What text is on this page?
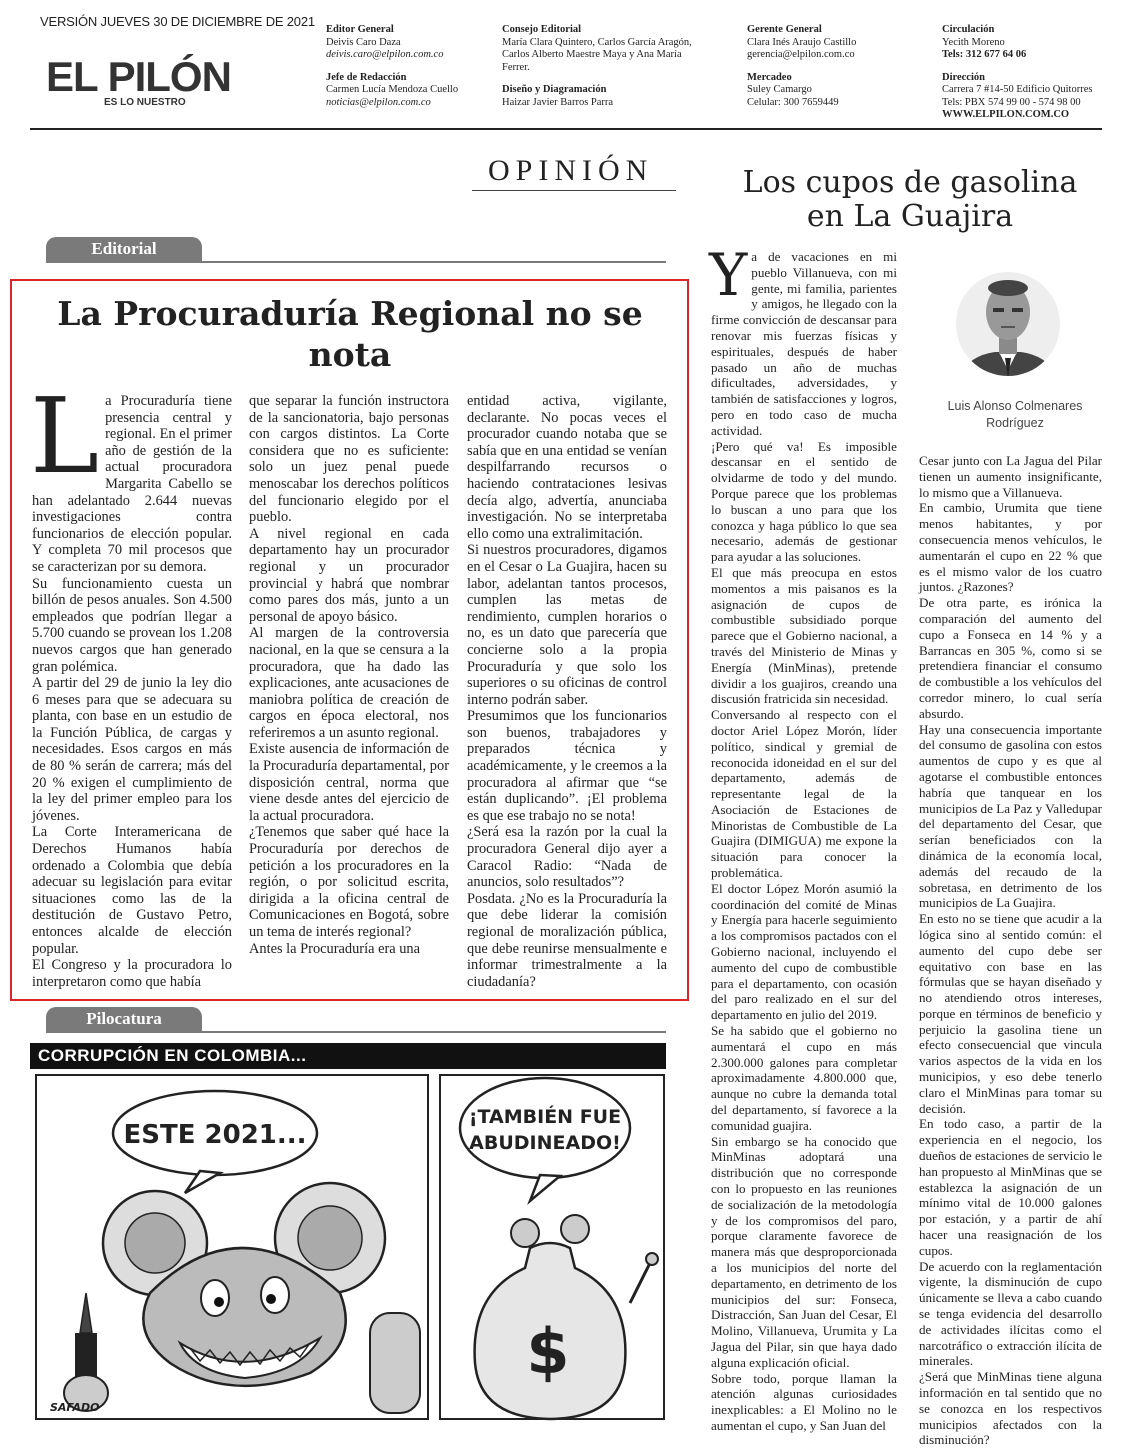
VERSIÓN JUEVES 30 DE DICIEMBRE DE 2021
EL PILÓN
ES LO NUESTRO
Editor General
Deivis Caro Daza
deivis.caro@elpilon.com.co
Jefe de Redacción
Carmen Lucía Mendoza Cuello
noticias@elpilon.com.co
Consejo Editorial
María Clara Quintero, Carlos García Aragón,
Carlos Alberto Maestre Maya y Ana María
Ferrer.
Diseño y Diagramación
Haizar Javier Barros Parra
Gerente General
Clara Inés Araujo Castillo
gerencia@elpilon.com.co
Mercadeo
Suley Camargo
Celular: 300 7659449
Circulación
Yecith Moreno
Tels: 312 677 64 06
Dirección
Carrera 7 #14-50 Edificio Quitorres
Tels: PBX 574 99 00 - 574 98 00
WWW.ELPILON.COM.CO
OPINIÓN
Editorial
La Procuraduría Regional no se nota
L a Procuraduría tiene presencia central y regional. En el primer año de gestión de la actual procuradora Margarita Cabello se han adelantado 2.644 nuevas investigaciones contra funcionarios de elección popular. Y completa 70 mil procesos que se caracterizan por su demora.

Su funcionamiento cuesta un billón de pesos anuales. Son 4.500 empleados que podrían llegar a 5.700 cuando se provean los 1.208 nuevos cargos que han generado gran polémica.

A partir del 29 de junio la ley dio 6 meses para que se adecuara su planta, con base en un estudio de la Función Pública, de cargas y necesidades. Esos cargos en más de 80 % serán de carrera; más del 20 % exigen el cumplimiento de la ley del primer empleo para los jóvenes.

La Corte Interamericana de Derechos Humanos había ordenado a Colombia que debía adecuar su legislación para evitar situaciones como las de la destitución de Gustavo Petro, entonces alcalde de elección popular.

El Congreso y la procuradora lo interpretaron como que había

que separar la función instructora de la sancionatoria, bajo personas con cargos distintos. La Corte considera que no es suficiente: solo un juez penal puede menoscabar los derechos políticos del funcionario elegido por el pueblo.

A nivel regional en cada departamento hay un procurador regional y un procurador provincial y habrá que nombrar como pares dos más, junto a un personal de apoyo básico.

Al margen de la controversia nacional, en la que se censura a la procuradora, que ha dado las explicaciones, ante acusaciones de maniobra política de creación de cargos en época electoral, nos referiremos a un asunto regional.

Existe ausencia de información de la Procuraduría departamental, por disposición central, norma que viene desde antes del ejercicio de la actual procuradora.

¿Tenemos que saber qué hace la Procuraduría por derechos de petición a los procuradores en la región, o por solicitud escrita, dirigida a la oficina central de Comunicaciones en Bogotá, sobre un tema de interés regional?

Antes la Procuraduría era una

entidad activa, vigilante, declarante. No pocas veces el procurador cuando notaba que se sabía que en una entidad se venían despilfarrando recursos o haciendo contrataciones lesivas decía algo, advertía, anunciaba investigación. No se interpretaba ello como una extralimitación.

Si nuestros procuradores, digamos en el Cesar o La Guajira, hacen su labor, adelantan tantos procesos, cumplen las metas de rendimiento, cumplen horarios o no, es un dato que parecería que concierne solo a la propia Procuraduría y que solo los superiores o su oficinas de control interno podrán saber.

Presumimos que los funcionarios son buenos, trabajadores y preparados técnica y académicamente, y le creemos a la procuradora al afirmar que “se están duplicando”. ¡El problema es que ese trabajo no se nota!

¿Será esa la razón por la cual la procuradora General dijo ayer a Caracol Radio: “Nada de anuncios, solo resultados”?

Posdata. ¿No es la Procuraduría la que debe liderar la comisión regional de moralización pública, que debe reunirse mensualmente e informar trimestralmente a la ciudadanía?

Pilocatura
ESTE 2021...
SAFADO
¡TAMBIÉN FUE
ABUDINEADO!
$
CORRUPCIÓN EN COLOMBIA...
Los cupos de gasolina
en La Guajira
Luis Alonso Colmenares
Rodríguez
Y a de vacaciones en mi pueblo Villanueva, con mi gente, mi familia, parientes y amigos, he llegado con la firme convicción de descansar para renovar mis fuerzas físicas y espirituales, después de haber pasado un año de muchas dificultades, adversidades, y también de satisfacciones y logros, pero en todo caso de mucha actividad.

¡Pero qué va! Es imposible descansar en el sentido de olvidarme de todo y del mundo. Porque parece que los problemas lo buscan a uno para que los conozca y haga público lo que sea necesario, además de gestionar para ayudar a las soluciones.

El que más preocupa en estos momentos a mis paisanos es la asignación de cupos de combustible subsidiado porque parece que el Gobierno nacional, a través del Ministerio de Minas y Energía (MinMinas), pretende dividir a los guajiros, creando una discusión fratricida sin necesidad.

Conversando al respecto con el doctor Ariel López Morón, líder político, sindical y gremial de reconocida idoneidad en el sur del departamento, además de representante legal de la Asociación de Estaciones de Minoristas de Combustible de La Guajira (DIMIGUA) me expone la situación para conocer la problemática.

El doctor López Morón asumió la coordinación del comité de Minas y Energía para hacerle seguimiento a los compromisos pactados con el Gobierno nacional, incluyendo el aumento del cupo de combustible para el departamento, con ocasión del paro realizado en el sur del departamento en julio del 2019.

Se ha sabido que el gobierno no aumentará el cupo en más 2.300.000 galones para completar aproximadamente 4.800.000 que, aunque no cubre la demanda total del departamento, sí favorece a la comunidad guajira.

Sin embargo se ha conocido que MinMinas adoptará una distribución que no corresponde con lo propuesto en las reuniones de socialización de la metodología y de los compromisos del paro, porque claramente favorece de manera más que desproporcionada a los municipios del norte del departamento, en detrimento de los municipios del sur: Fonseca, Distracción, San Juan del Cesar, El Molino, Villanueva, Urumita y La Jagua del Pilar, sin que haya dado alguna explicación oficial.

Sobre todo, porque llaman la atención algunas curiosidades inexplicables: a El Molino no le aumentan el cupo, y San Juan del

Cesar junto con La Jagua del Pilar tienen un aumento insignificante, lo mismo que a Villanueva.

En cambio, Urumita que tiene menos habitantes, y por consecuencia menos vehículos, le aumentarán el cupo en 22 % que es el mismo valor de los cuatro juntos. ¿Razones?

De otra parte, es irónica la comparación del aumento del cupo a Fonseca en 14 % y a Barrancas en 305 %, como si se pretendiera financiar el consumo de combustible a los vehículos del corredor minero, lo cual sería absurdo.

Hay una consecuencia importante del consumo de gasolina con estos aumentos de cupo y es que al agotarse el combustible entonces habría que tanquear en los municipios de La Paz y Valledupar del departamento del Cesar, que serían beneficiados con la dinámica de la economía local, además del recaudo de la sobretasa, en detrimento de los municipios de La Guajira.

En esto no se tiene que acudir a la lógica sino al sentido común: el aumento del cupo debe ser equitativo con base en las fórmulas que se hayan diseñado y no atendiendo otros intereses, porque en términos de beneficio y perjuicio la gasolina tiene un efecto consecuencial que vincula varios aspectos de la vida en los municipios, y eso debe tenerlo claro el MinMinas para tomar su decisión.

En todo caso, a partir de la experiencia en el negocio, los dueños de estaciones de servicio le han propuesto al MinMinas que se establezca la asignación de un mínimo vital de 10.000 galones por estación, y a partir de ahí hacer una reasignación de los cupos.

De acuerdo con la reglamentación vigente, la disminución de cupo únicamente se lleva a cabo cuando se tenga evidencia del desarrollo de actividades ilícitas como el narcotráfico o extracción ilícita de minerales.

¿Será que MinMinas tiene alguna información en tal sentido que no se conozca en los respectivos municipios afectados con la disminución?
